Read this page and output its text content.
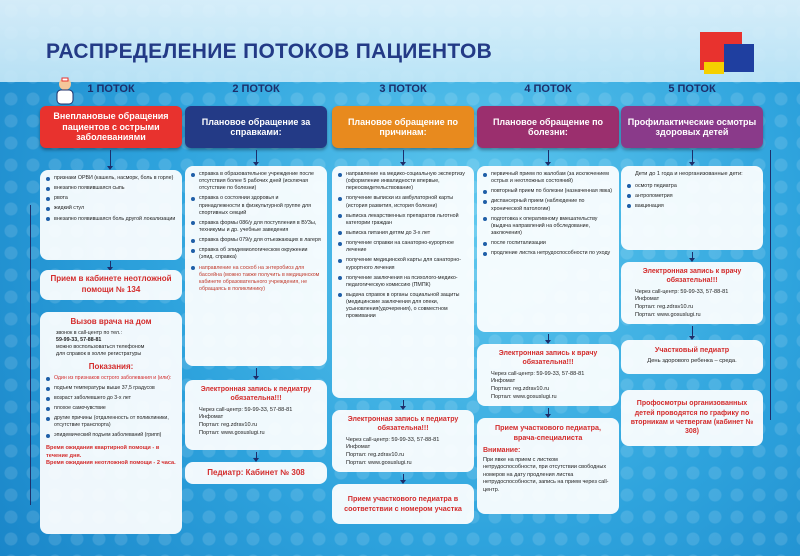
РАСПРЕДЕЛЕНИЕ ПОТОКОВ ПАЦИЕНТОВ
1 ПОТОК	2 ПОТОК	3 ПОТОК	4 ПОТОК	5 ПОТОК
Внеплановые обращения пациентов с острыми заболеваниями
Плановое обращение за справками:
Плановое обращение по причинам:
Плановое обращение по болезни:
Профилактические осмотры здоровых детей
признаки ОРВИ (кашель, насморк, боль в горле)
внезапно появившаяся сыпь
рвота
жидкий стул
внезапно появившаяся боль другой локализации
Прием в кабинете неотложной помощи № 134
Вызов врача на дом
звонок в call-центр по тел.:
59-99-33, 57-88-81
можно воспользоваться телефоном
для справок в холле регистратуры
Показания:
Один из признаков острого заболевания и (или):
подъем температуры выше 37,5 градусов
возраст заболевшего до 3-х лет
плохое самочувствие
другие причины (отдаленность от поликлиники, отсутствие транспорта)
эпидемический подъем заболеваний (грипп)
Время ожидания квартирной помощи - в течение дня.
Время ожидания неотложной помощи - 2 часа.
справка в образовательное учреждение после отсутствия более 5 рабочих дней (исключая отсутствие по болезни)
справка о состоянии здоровья и принадлежности в физкультурной группе для спортивных секций
справка формы 086/у для поступления в ВУЗы, техникумы и др. учебные заведения
справка формы 079/у для отъезжающих в лагеря
справка об эпидемиологическом окружении (эпид. справка)
направление на соскоб на энтеробиоз для бассейна (можно также получить в медицинском кабинете образовательного учреждения, не обращаясь в поликлинику)
Электронная запись к педиатру обязательна!!!
Через call-центр: 59-99-33, 57-88-81
Инфомат
Портал: reg.zdrav10.ru
Портал: www.gosuslugi.ru
Педиатр: Кабинет № 308
направление на медико-социальную экспертизу (оформление инвалидности впервые, переосвидетельствование)
получение выписки из амбулаторной карты (история развития, история болезни)
выписка лекарственных препаратов льготной категории граждан
выписка питания детям до 3-х лет
получение справки на санаторно-курортное лечение
получение медицинской карты для санаторно-курортного лечения
получение заключения на психолого-медико-педагогическую комиссию (ПМПК)
выдача справок в органы социальной защиты (медицинские заключения для опеки, усыновления(удочерения), о совместном проживании
Электронная запись к педиатру обязательна!!!
Через call-центр: 59-99-33, 57-88-81
Инфомат
Портал: reg.zdrav10.ru
Портал: www.gosuslugi.ru
Прием участкового педиатра в соответствии с номером участка
первичный прием по жалобам (за исключением острых и неотложных состояний)
повторный прием по болезни (назначенная явка)
диспансерный прием (наблюдение по хронической патологии)
подготовка к оперативному вмешательству (выдача направлений на обследование, заключения)
после госпитализации
продление листка нетрудоспособности по уходу
Электронная запись к врачу обязательна!!!
Через call-центр: 59-99-33, 57-88-81
Инфомат
Портал: reg.zdrav10.ru
Портал: www.gosuslugi.ru
Прием участкового педиатра, врача-специалиста
Внимание:
При явке на прием с листком нетрудоспособности, при отсутствии свободных номеров на дату продления листка нетрудоспособности, запись на прием через call-центр.
Дети до 1 года и неорганизованные дети:
осмотр педиатра
антропометрия
вакцинация
Электронная запись к врачу обязательна!!!
Через call-центр: 59-99-33, 57-88-81
Инфомат
Портал: reg.zdrav10.ru
Портал: www.gosuslugi.ru
Участковый педиатр
День здорового ребенка – среда.
Профосмотры организованных детей проводятся по графику по вторникам и четвергам (кабинет № 308)
